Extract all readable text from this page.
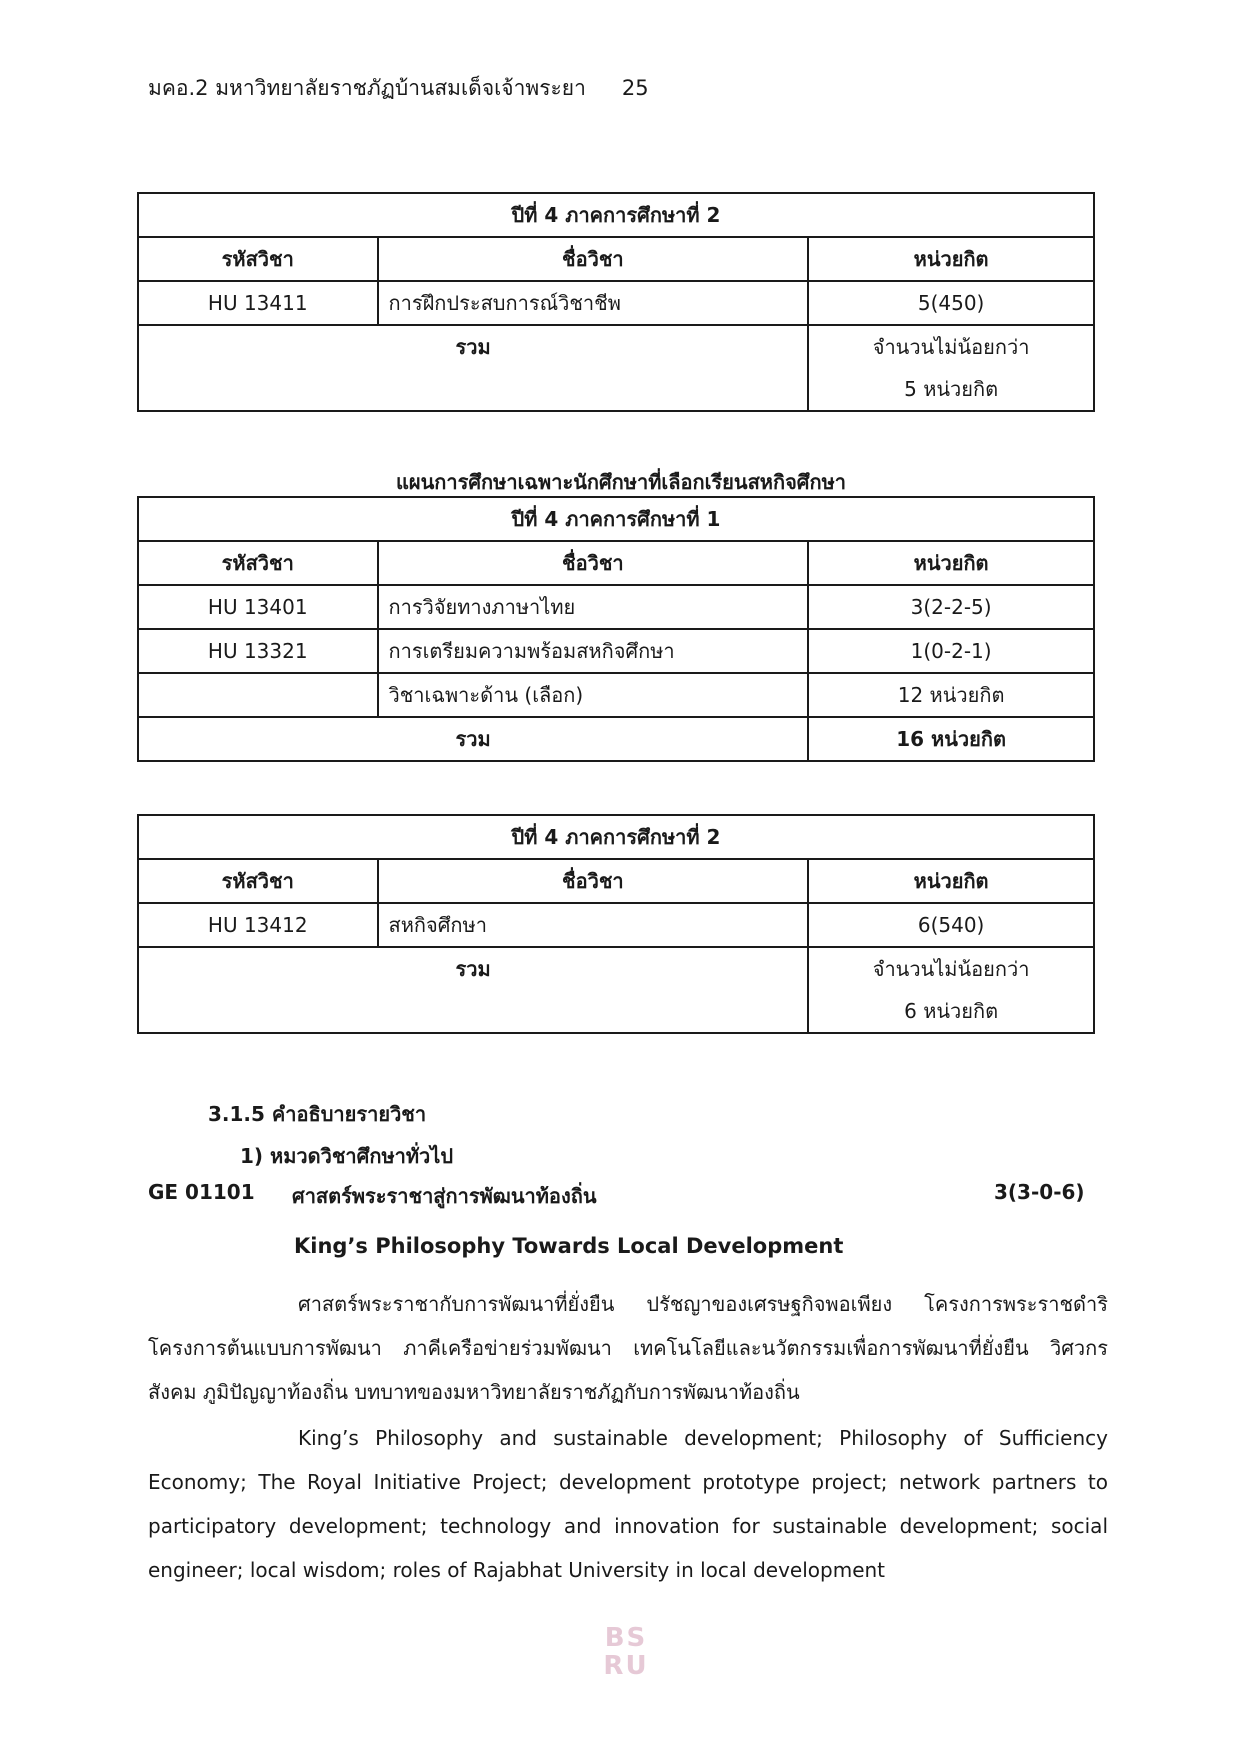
มคอ.2 มหาวิทยาลัยราชภัฏบ้านสมเด็จเจ้าพระยา 25
ปีที่ 4 ภาคการศึกษาที่ 2		
รหัสวิชา	ชื่อวิชา	หน่วยกิต
HU 13411	การฝึกประสบการณ์วิชาชีพ	5(450)
รวม		จำนวนไม่น้อยกว่า
5 หน่วยกิต
แผนการศึกษาเฉพาะนักศึกษาที่เลือกเรียนสหกิจศึกษา
ปีที่ 4 ภาคการศึกษาที่ 1		
รหัสวิชา	ชื่อวิชา	หน่วยกิต
HU 13401	การวิจัยทางภาษาไทย	3(2-2-5)
HU 13321	การเตรียมความพร้อมสหกิจศึกษา	1(0-2-1)
	วิชาเฉพาะด้าน (เลือก)	12 หน่วยกิต
รวม		16 หน่วยกิต
ปีที่ 4 ภาคการศึกษาที่ 2		
รหัสวิชา	ชื่อวิชา	หน่วยกิต
HU 13412	สหกิจศึกษา	6(540)
รวม		จำนวนไม่น้อยกว่า
6 หน่วยกิต
3.1.5 คำอธิบายรายวิชา
1) หมวดวิชาศึกษาทั่วไป
GE 01101 ศาสตร์พระราชาสู่การพัฒนาท้องถิ่น	3(3-0-6)
King’s Philosophy Towards Local Development
ศาสตร์พระราชากับการพัฒนาที่ยั่งยืน ปรัชญาของเศรษฐกิจพอเพียง โครงการพระราชดำริ โครงการต้นแบบการพัฒนา ภาคีเครือข่ายร่วมพัฒนา เทคโนโลยีและนวัตกรรมเพื่อการพัฒนาที่ยั่งยืน วิศวกรสังคม ภูมิปัญญาท้องถิ่น บทบาทของมหาวิทยาลัยราชภัฏกับการพัฒนาท้องถิ่น
King’s Philosophy and sustainable development; Philosophy of Sufficiency Economy; The Royal Initiative Project; development prototype project; network partners to participatory development; technology and innovation for sustainable development; social engineer; local wisdom; roles of Rajabhat University in local development
BS
RU
